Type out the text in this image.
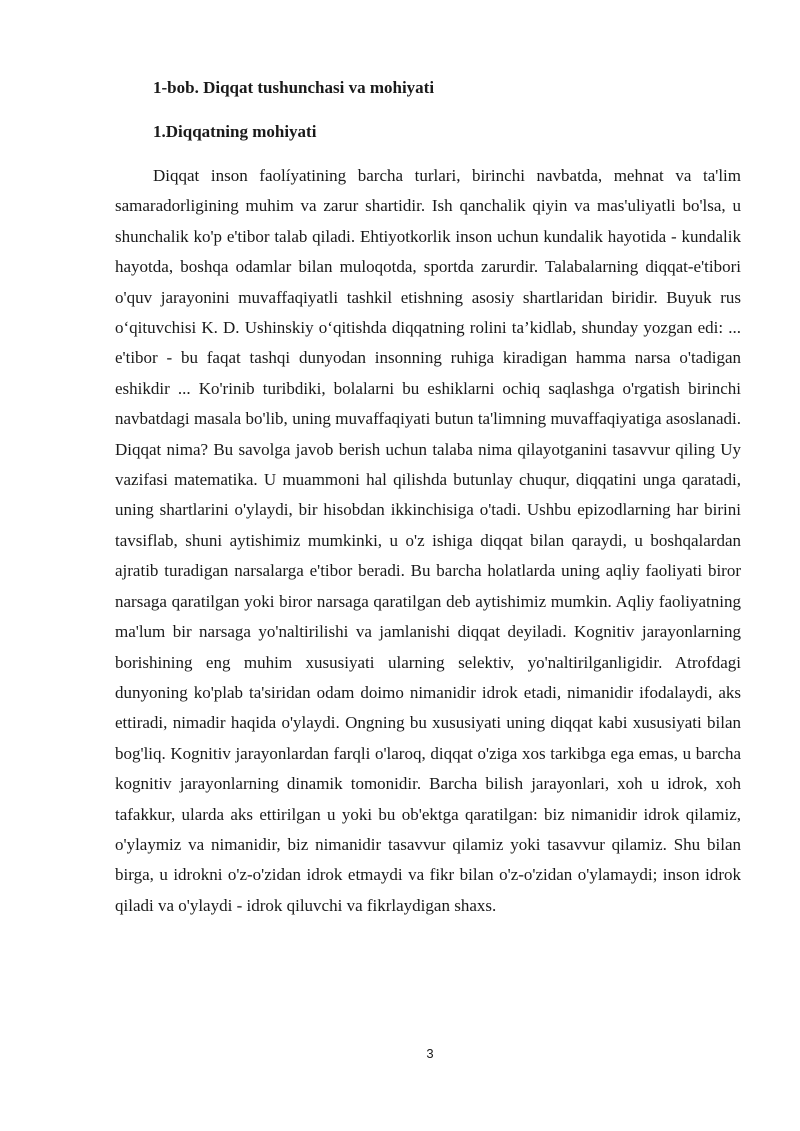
1-bob. Diqqat tushunchasi va mohiyati
1.Diqqatning mohiyati

Diqqat inson faolíyatining barcha turlari, birinchi navbatda, mehnat va ta'lim samaradorligining muhim va zarur shartidir. Ish qanchalik qiyin va mas'uliyatli bo'lsa, u shunchalik ko'p e'tibor talab qiladi. Ehtiyotkorlik inson uchun kundalik hayotida - kundalik hayotda, boshqa odamlar bilan muloqotda, sportda zarurdir. Talabalarning diqqat-e'tibori o'quv jarayonini muvaffaqiyatli tashkil etishning asosiy shartlaridan biridir. Buyuk rus o‘qituvchisi K. D. Ushinskiy o‘qitishda diqqatning rolini ta’kidlab, shunday yozgan edi: ... e'tibor - bu faqat tashqi dunyodan insonning ruhiga kiradigan hamma narsa o'tadigan eshikdir ... Ko'rinib turibdiki, bolalarni bu eshiklarni ochiq saqlashga o'rgatish birinchi navbatdagi masala bo'lib, uning muvaffaqiyati butun ta'limning muvaffaqiyatiga asoslanadi. Diqqat nima? Bu savolga javob berish uchun talaba nima qilayotganini tasavvur qiling Uy vazifasi matematika. U muammoni hal qilishda butunlay chuqur, diqqatini unga qaratadi, uning shartlarini o'ylaydi, bir hisobdan ikkinchisiga o'tadi. Ushbu epizodlarning har birini tavsiflab, shuni aytishimiz mumkinki, u o'z ishiga diqqat bilan qaraydi, u boshqalardan ajratib turadigan narsalarga e'tibor beradi. Bu barcha holatlarda uning aqliy faoliyati biror narsaga qaratilgan yoki biror narsaga qaratilgan deb aytishimiz mumkin. Aqliy faoliyatning ma'lum bir narsaga yo'naltirilishi va jamlanishi diqqat deyiladi. Kognitiv jarayonlarning borishining eng muhim xususiyati ularning selektiv, yo'naltirilganligidir. Atrofdagi dunyoning ko'plab ta'siridan odam doimo nimanidir idrok etadi, nimanidir ifodalaydi, aks ettiradi, nimadir haqida o'ylaydi. Ongning bu xususiyati uning diqqat kabi xususiyati bilan bog'liq. Kognitiv jarayonlardan farqli o'laroq, diqqat o'ziga xos tarkibga ega emas, u barcha kognitiv jarayonlarning dinamik tomonidir. Barcha bilish jarayonlari, xoh u idrok, xoh tafakkur, ularda aks ettirilgan u yoki bu ob'ektga qaratilgan: biz nimanidir idrok qilamiz, o'ylaymiz va nimanidir, biz nimanidir tasavvur qilamiz yoki tasavvur qilamiz. Shu bilan birga, u idrokni o'z-o'zidan idrok etmaydi va fikr bilan o'z-o'zidan o'ylamaydi; inson idrok qiladi va o'ylaydi - idrok qiluvchi va fikrlaydigan shaxs.

3
